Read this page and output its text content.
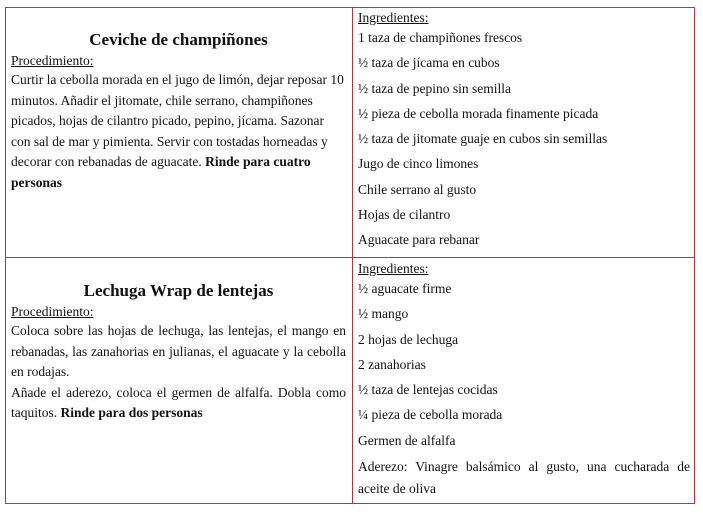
Ceviche de champiñones

Procedimiento:

Curtir la cebolla morada en el jugo de limón, dejar reposar 10 minutos. Añadir el jitomate, chile serrano, champiñones picados, hojas de cilantro picado, pepino, jícama. Sazonar con sal de mar y pimienta. Servir con tostadas horneadas y decorar con rebanadas de aguacate. Rinde para cuatro personas

Ingredientes:

1 taza de champiñones frescos
½ taza de jícama en cubos
½ taza de pepino sin semilla
½ pieza de cebolla morada finamente picada
½ taza de jitomate guaje en cubos sin semillas
Jugo de cinco limones
Chile serrano al gusto
Hojas de cilantro
Aguacate para rebanar

Lechuga Wrap de lentejas

Procedimiento:

Coloca sobre las hojas de lechuga, las lentejas, el mango en rebanadas, las zanahorias en julianas, el aguacate y la cebolla en rodajas.

Añade el aderezo, coloca el germen de alfalfa. Dobla como taquitos. Rinde para dos personas

Ingredientes:

½ aguacate firme
½ mango
2 hojas de lechuga
2 zanahorias
½ taza de lentejas cocidas
¼ pieza de cebolla morada
Germen de alfalfa
Aderezo: Vinagre balsámico al gusto, una cucharada de aceite de oliva
